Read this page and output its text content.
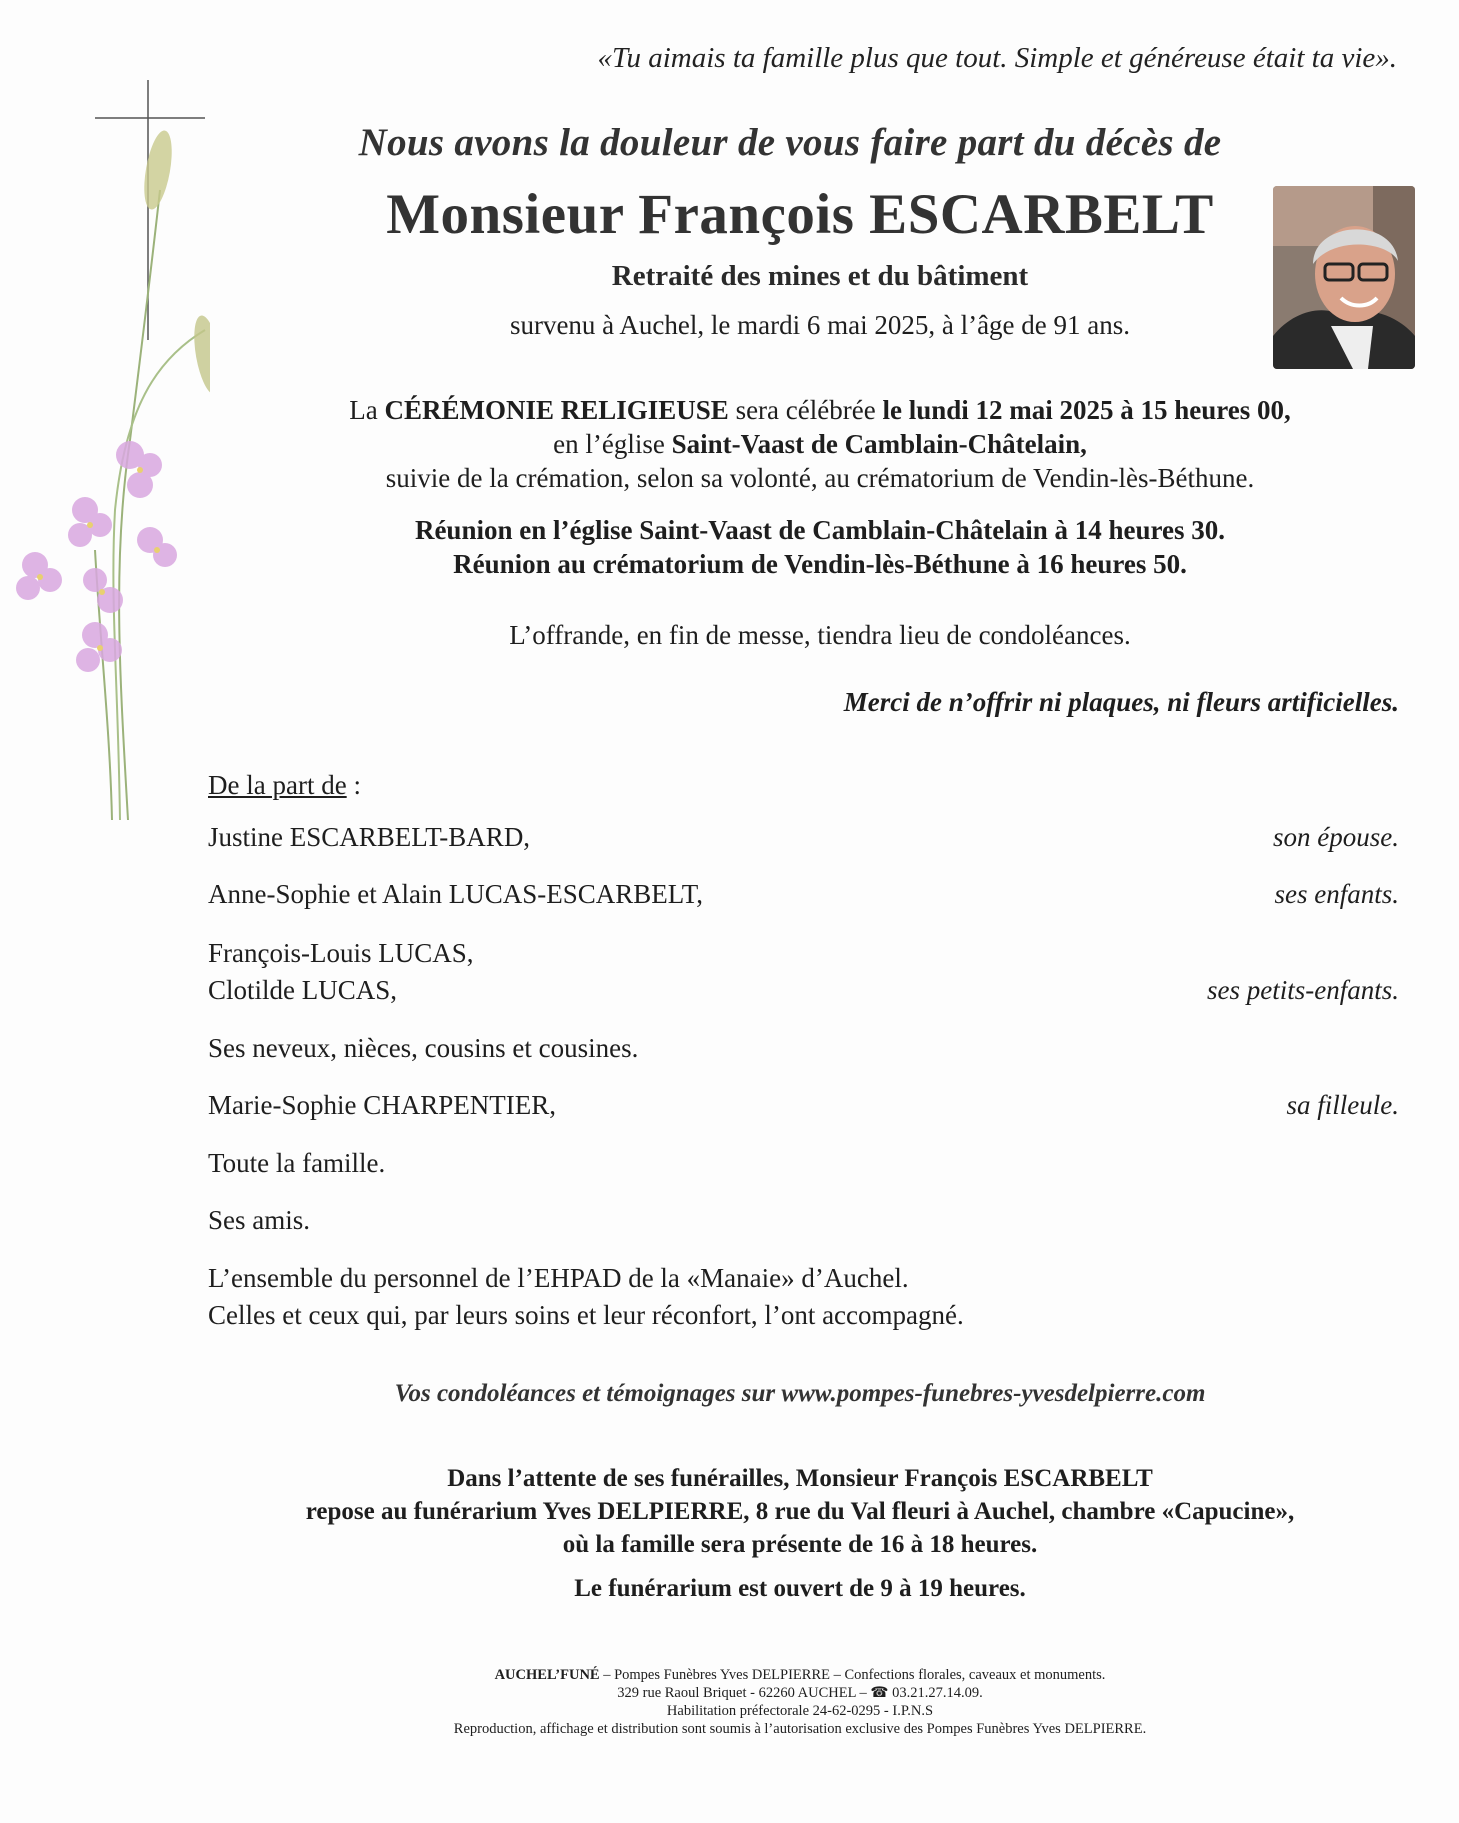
«Tu aimais ta famille plus que tout. Simple et généreuse était ta vie».
Nous avons la douleur de vous faire part du décès de
Monsieur François ESCARBELT
Retraité des mines et du bâtiment
survenu à Auchel, le mardi 6 mai 2025, à l’âge de 91 ans.
La CÉRÉMONIE RELIGIEUSE sera célébrée le lundi 12 mai 2025 à 15 heures 00,
en l’église Saint-Vaast de Camblain-Châtelain,
suivie de la crémation, selon sa volonté, au crématorium de Vendin-lès-Béthune.
Réunion en l’église Saint-Vaast de Camblain-Châtelain à 14 heures 30.
Réunion au crématorium de Vendin-lès-Béthune à 16 heures 50.
L’offrande, en fin de messe, tiendra lieu de condoléances.
Merci de n’offrir ni plaques, ni fleurs artificielles.
De la part de :
Justine ESCARBELT-BARD,	son épouse.
Anne-Sophie et Alain LUCAS-ESCARBELT,	ses enfants.
François-Louis LUCAS,
Clotilde LUCAS,	ses petits-enfants.
Ses neveux, nièces, cousins et cousines.
Marie-Sophie CHARPENTIER,	sa filleule.
Toute la famille.
Ses amis.
L’ensemble du personnel de l’EHPAD de la «Manaie» d’Auchel.
Celles et ceux qui, par leurs soins et leur réconfort, l’ont accompagné.
Vos condoléances et témoignages sur www.pompes-funebres-yvesdelpierre.com
Dans l’attente de ses funérailles, Monsieur François ESCARBELT
repose au funérarium Yves DELPIERRE, 8 rue du Val fleuri à Auchel, chambre «Capucine»,
où la famille sera présente de 16 à 18 heures.
Le funérarium est ouvert de 9 à 19 heures.
AUCHEL’FUNÉ – Pompes Funèbres Yves DELPIERRE – Confections florales, caveaux et monuments.
329 rue Raoul Briquet - 62260 AUCHEL – ☎ 03.21.27.14.09.
Habilitation préfectorale 24-62-0295 - I.P.N.S
Reproduction, affichage et distribution sont soumis à l’autorisation exclusive des Pompes Funèbres Yves DELPIERRE.
